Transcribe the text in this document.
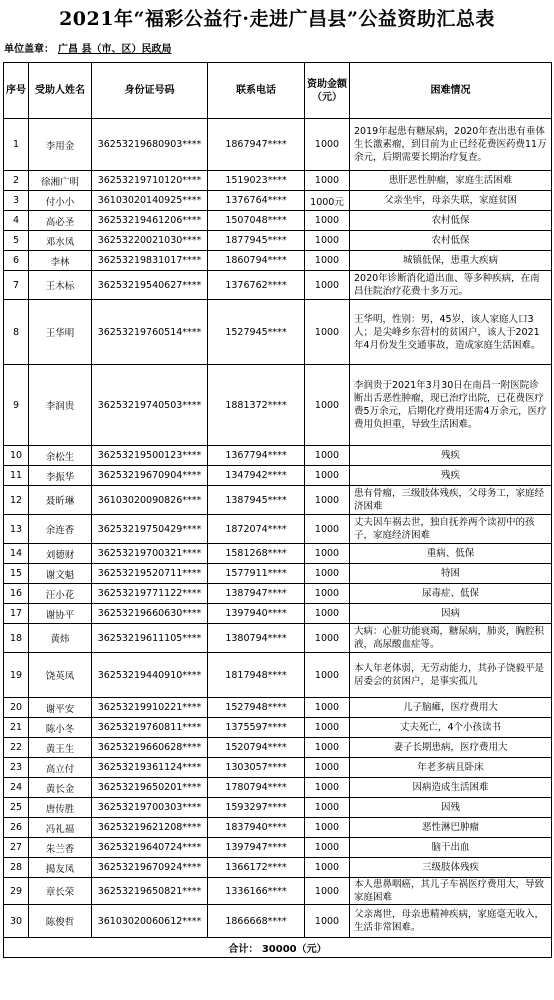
2021年“福彩公益行·走进广昌县”公益资助汇总表
单位盖章： 广昌 县（市、区）民政局
序号	受助人姓名	身份证号码	联系电话	资助金额（元）	困难情况
1	李用金	36253219680903****	1867947****	1000	2019年起患有糖尿病，2020年查出患有垂体生长激素瘤，到目前为止已经花费医药费11万余元，后期需要长期治疗复查。
2	徐湘广明	36253219710120****	1519023****	1000	患肝恶性肿瘤，家庭生活困难
3	付小小	36103020140925****	1376764****	1000元	父亲坐牢，母亲失联，家庭贫困
4	高必圣	36253219461206****	1507048****	1000	农村低保
5	邓水凤	36253220021030****	1877945****	1000	农村低保
6	李林	36253219831017****	1860794****	1000	城镇低保，患重大疾病
7	王木标	36253219540627****	1376762****	1000	2020年诊断消化道出血、等多种疾病，在南昌住院治疗花费十多万元。
8	王华明	36253219760514****	1527945****	1000	王华明，性别：男，45岁，该人家庭人口3人；是尖峰乡东营村的贫困户，该人于2021年4月份发生交通事故，造成家庭生活困难。
9	李润贵	36253219740503****	1881372****	1000	李润贵于2021年3月30日在南昌一附医院诊断出舌恶性肿瘤，现已治疗出院，已花费医疗费5万余元，后期化疗费用还需4万余元，医疗费用负担重，导致生活困难。
10	余松生	36253219500123****	1367794****	1000	残疾
11	李振华	36253219670904****	1347942****	1000	残疾
12	聂昕琳	36103020090826****	1387945****	1000	患有骨瘤，三级肢体残疾，父母务工，家庭经济困难
13	余连香	36253219750429****	1872074****	1000	丈夫因车祸去世，独自抚养两个读初中的孩子，家庭经济困难
14	刘德财	36253219700321****	1581268****	1000	重病、低保
15	谢文魁	36253219520711****	1577911****	1000	特困
16	汪小花	36253219771122****	1387947****	1000	尿毒症、低保
17	谢协平	36253219660630****	1397940****	1000	因病
18	黄炜	36253219611105****	1380794****	1000	大病：心脏功能衰竭，糖尿病，肺炎，胸腔积液，高尿酸血症等。
19	饶英凤	36253219440910****	1817948****	1000	本人年老体弱，无劳动能力，其孙子饶毅平是居委会的贫困户，是事实孤儿
20	谢平安	36253219910221****	1527948****	1000	儿子脑瘫，医疗费用大
21	陈小冬	36253219760811****	1375597****	1000	丈夫死亡，4个小孩读书
22	黄王生	36253219660628****	1520794****	1000	妻子长期患病，医疗费用大
23	高立付	36253219361124****	1303057****	1000	年老多病且卧床
24	黄长金	36253219650201****	1780794****	1000	因病造成生活困难
25	唐传胜	36253219700303****	1593297****	1000	因残
26	冯礼福	36253219621208****	1837940****	1000	恶性淋巴肿瘤
27	朱兰香	36253219640724****	1397947****	1000	脑干出血
28	揭友凤	36253219670924****	1366172****	1000	三级肢体残疾
29	章长荣	36253219650821****	1336166****	1000	本人患鼻咽癌，其儿子车祸医疗费用大，导致家庭困难
30	陈俊哲	36103020060612****	1866668****	1000	父亲离世，母亲患精神疾病，家庭毫无收入，生活非常困难。
合计： 30000（元）					
